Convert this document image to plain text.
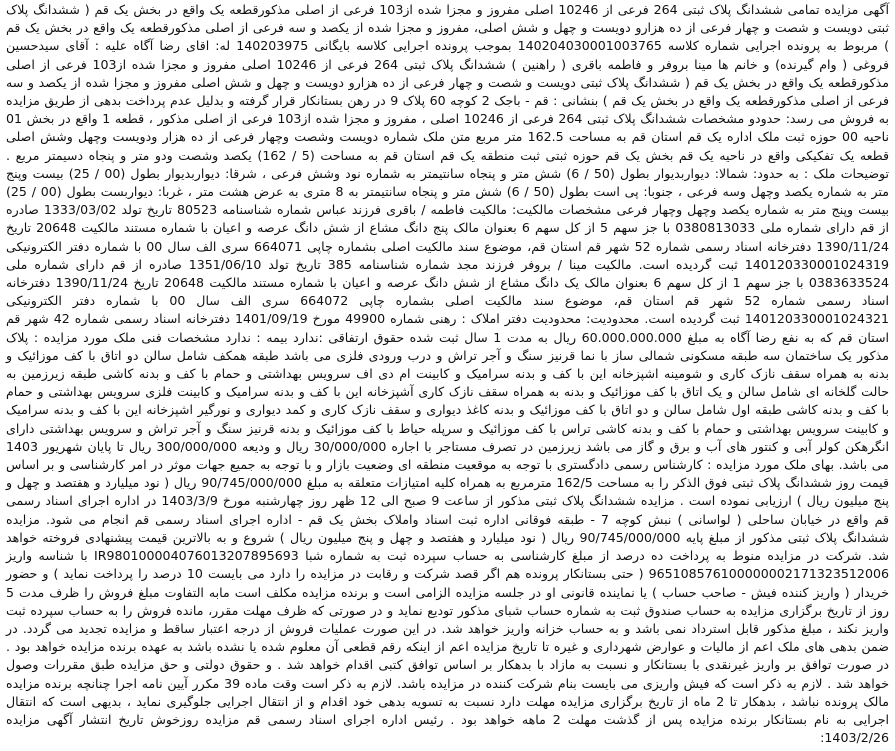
آگهی مزایده تمامی ششدانگ پلاک ثبتی 264 فرعی از 10246 اصلی مفروز و مجزا شده از103 فرعی از اصلی مذکورقطعه یک واقع در بخش یک قم ( ششدانگ پلاک ثبتی دویست و شصت و چهار فرعی از ده هزارو دویست و چهل و شش اصلی، مفروز و مجزا شده از یکصد و سه فرعی از اصلی مذکورقطعه یک واقع در بخش یک قم ) مربوط به پرونده اجرایی شماره کلاسه 140204030001003765 بموجب پرونده اجرایی کلاسه بایگانی 140203975 له: اقای رضا آگاه علیه : آقای سیدحسین فروغی ( وام گیرنده) و خانم ها مینا بروفر و فاطمه باقری ( راهنین ) ششدانگ پلاک ثبتی 264 فرعی از 10246 اصلی مفروز و مجزا شده از103 فرعی از اصلی مذکورقطعه یک واقع در بخش یک قم ( ششدانگ پلاک ثبتی دویست و شصت و چهار فرعی از ده هزارو دویست و چهل و شش اصلی مفروز و مجزا شده از یکصد و سه فرعی از اصلی مذکورقطعه یک واقع در بخش یک قم ) بنشانی : قم - باجک 2 کوچه 60 پلاک 9 در رهن بستانکار قرار گرفته و بدلیل عدم پرداخت بدهی از طریق مزایده به فروش می رسد: حدودو مشخصات ششدانگ پلاک ثبتی 264 فرعی از 10246 اصلی ، مفروز و مجزا شده از103 فرعی از اصلی مذکور ، قطعه 1 واقع در بخش 01 ناحیه 00 حوزه ثبت ملک اداره یک قم استان قم به مساحت 162.5 متر مربع متن ملک شماره دویست وشصت وچهار فرعی از ده هزار ودویست وچهل وشش اصلی قطعه یک تفکیکی واقع در ناحیه یک قم بخش یک قم حوزه ثبتی ثبت منطقه یک قم استان قم به مساحت (5 / 162) یکصد وشصت ودو متر و پنجاه دسیمتر مربع . توضیحات ملک : به حدود: شمالا: دیواربدیوار بطول (50 / 6) شش متر و پنجاه سانتیمتر به شماره نود وشش فرعی ، شرقا: دیواربدیوار بطول (00 / 25) بیست وپنج متر به شماره یکصد وچهل وسه فرعی ، جنوبا: پی است بطول (50 / 6) شش متر و پنجاه سانتیمتر به 8 متری به عرض هشت متر ، غربا: دیواربست بطول (00 / 25) بیست وپنج متر به شماره یکصد وچهل وچهار فرعی مشخصات مالکیت: مالکیت فاطمه / باقری فرزند عباس شماره شناسنامه 80523 تاریخ تولد 1333/03/02 صادره از قم دارای شماره ملی 0380813033 با جز سهم 5 از کل سهم 6 بعنوان مالک پنج دانگ مشاع از شش دانگ عرصه و اعیان با شماره مستند مالکیت 20648 تاریخ 1390/11/24 دفترخانه اسناد رسمی شماره 52 شهر قم استان قم، موضوع سند مالکیت اصلی بشماره چاپی 664071 سری الف سال 00 با شماره دفتر الکترونیکی 140120330001024319 ثبت گردیده است. مالکیت مینا / بروفر فرزند مجد شماره شناسنامه 385 تاریخ تولد 1351/06/10 صادره از قم دارای شماره ملی 0383633524 با جز سهم 1 از کل سهم 6 بعنوان مالک یک دانگ مشاع از شش دانگ عرصه و اعیان با شماره مستند مالکیت 20648 تاریخ 1390/11/24 دفترخانه اسناد رسمی شماره 52 شهر قم استان قم، موضوع سند مالکیت اصلی بشماره چاپی 664072 سری الف سال 00 با شماره دفتر الکترونیکی 140120330001024321 ثبت گردیده است. محدودیت: محدودیت دفتر املاک : رهنی شماره 49900 مورخ 1401/09/19 دفترخانه اسناد رسمی شماره 42 شهر قم استان قم که به نفع رضا آگاه به مبلغ 60.000.000.000 ریال به مدت 1 سال ثبت شده حقوق ارتفاقی :ندارد بیمه : ندارد مشخصات فنی ملک مورد مزایده : پلاک مذکور یک ساختمان سه طبقه مسکونی شمالی ساز با نما قرنیز سنگ و آجر تراش و درب ورودی فلزی می باشد طبقه همکف شامل سالن دو اتاق با کف موزائیک و بدنه به همراه سقف نازک کاری و شومینه اشپزخانه این با کف و بدنه سرامیک و کابینت ام دی اف سرویس بهداشتی و حمام با کف و بدنه کاشی طبقه زیرزمین به حالت گلخانه ای شامل سالن و یک اتاق با کف موزائیک و بدنه به همراه سقف نازک کاری آشپزخانه این با کف و بدنه سرامیک و کابینت فلزی سرویس بهداشتی و حمام با کف و بدنه کاشی طبقه اول شامل سالن و دو اتاق با کف موزائیک و بدنه کاغذ دیواری و سقف نازک کاری و کمد دیواری و نورگیر اشپزخانه این با کف و بدنه سرامیک و کابینت سرویس بهداشتی و حمام با کف و بدنه کاشی تراس با کف موزائیک و سرپله حیاط با کف موزائیک و بدنه قرنیز سنگ و آجر تراش و سرویس بهداشتی دارای انگرهکن کولر آبی و کنتور های آب و برق و گاز می باشد زیرزمین در تصرف مستاجر با اجاره 30/000/000 ریال و ودیعه 300/000/000 ریال تا پایان شهریور 1403 می باشد. بهای ملک مورد مزایده : کارشناس رسمی دادگستری با توجه به موقعیت منطقه ای وضعیت بازار و با توجه به جمیع جهات موثر در امر کارشناسی و بر اساس قیمت روز ششدانگ پلاک ثبتی فوق الذکر را به مساحت 162/5 مترمربع به همراه کلیه امتیازات متعلقه به مبلغ 90/745/000/000 ریال ( نود میلیارد و هفتصد و چهل و پنج میلیون ریال ) ارزیابی نموده است . مزایده ششدانگ پلاک ثبتی مذکور از ساعت 9 صبح الی 12 ظهر روز چهارشنبه مورخ 1403/3/9 در اداره اجرای اسناد رسمی قم واقع در خیابان ساحلی ( لواسانی ) نبش کوچه 7 - طبقه فوقانی اداره ثبت اسناد واملاک بخش یک قم - اداره اجرای اسناد رسمی قم انجام می شود. مزایده ششدانگ پلاک ثبتی مذکور از مبلغ پایه 90/745/000/000 ریال ( نود میلیارد و هفتصد و چهل و پنج میلیون ریال ) شروع و به بالاترین قیمت پیشنهادی فروخته خواهد شد. شرکت در مزایده منوط به پرداخت ده درصد از مبلغ کارشناسی به حساب سپرده ثبت به شماره شبا IR980100004076013207895693 با شناسه واریز 965108576100000002171323512006 ( حتی بستانکار پرونده هم اگر قصد شرکت و رقابت در مزایده را دارد می بایست 10 درصد را پرداخت نماید ) و حضور خریدار ( واریز کننده فیش - صاحب حساب ) یا نماینده قانونی او در جلسه مزایده الزامی است و برنده مزایده مکلف است مابه التفاوت مبلغ فروش را ظرف مدت 5 روز از تاریخ برگزاری مزایده به حساب صندوق ثبت به شماره حساب شبای مذکور تودیع نماید و در صورتی که ظرف مهلت مقرر، مانده فروش را به حساب سپرده ثبت واریز نکند ، مبلغ مذکور قابل استرداد نمی باشد و به حساب خزانه واریز خواهد شد. در این صورت عملیات فروش از درجه اعتبار ساقط و مزایده تجدید می گردد. در ضمن بدهی های ملک اعم از مالیات و عوارض شهرداری و غیره تا تاریخ مزایده اعم از اینکه رقم قطعی آن معلوم شده یا نشده باشد به عهده برنده مزایده خواهد بود . در صورت توافق بر واریز غیرنقدی با بستانکار و نسبت به مازاد با بدهکار بر اساس توافق کتبی اقدام خواهد شد . و حقوق دولتی و حق مزایده طبق مقررات وصول خواهد شد . لازم به ذکر است که فیش واریزی می بایست بنام شرکت کننده در مزایده باشد. لازم به ذکر است وقت ماده 39 مکرر آیین نامه اجرا چنانچه برنده مزایده مالک پرونده نباشد ، بدهکار تا 2 ماه از تاریخ برگزاری مزایده مهلت دارد نسبت به تسویه بدهی خود اقدام و از انتقال اجرایی جلوگیری نماید ، بدیهی است که انتقال اجرایی به نام بستانکار برنده مزایده پس از گذشت مهلت 2 ماهه خواهد بود . رئیس اداره اجرای اسناد رسمی قم مزایده روزخوش تاریخ انتشار آگهی مزایده 1403/2/26:
